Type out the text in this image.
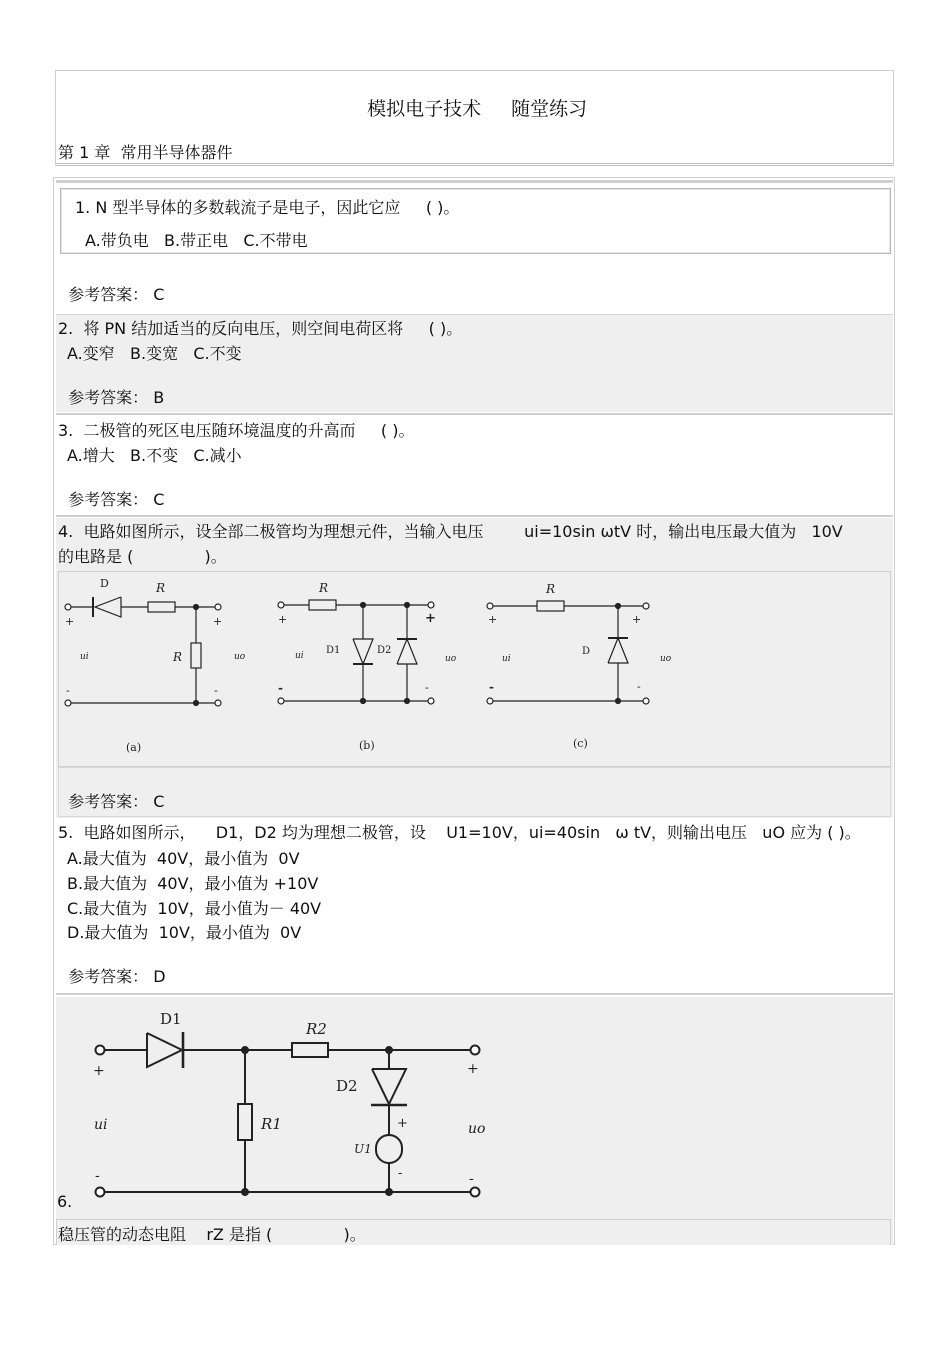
模拟电子技术 随堂练习

第 1 章  常用半导体器件
1. N 型半导体的多数载流子是电子，因此它应     ( )。
A.带负电   B.带正电   C.不带电

参考答案： C

2.  将 PN 结加适当的反向电压，则空间电荷区将     ( )。
A.变窄   B.变宽   C.不变

参考答案： B

3.  二极管的死区电压随环境温度的升高而     ( )。
A.增大   B.不变   C.减小

参考答案： C

4.  电路如图所示，设全部二极管均为理想元件，当输入电压        ui=10sin ωtV 时，输出电压最大值为   10V
的电路是 (              )。
D	R
R
ui	uo
+
-
+
-
(a)
R
D1	D2
ui	uo
+
-
+
-
(b)
R
D
ui	uo
+
-
+
-
(c)

参考答案： C

5.  电路如图所示，    D1，D2 均为理想二极管，设    U1=10V，ui=40sin   ω tV，则输出电压   uO 应为 ( )。
A.最大值为  40V，最小值为  0V
B.最大值为  40V，最小值为 +10V
C.最大值为  10V，最小值为－ 40V
D.最大值为  10V，最小值为  0V

参考答案： D

D1
R2
D2
R1
U1
ui	uo
+
-
+
-
+
-
6.
稳压管的动态电阻    rZ 是指 (              )。
